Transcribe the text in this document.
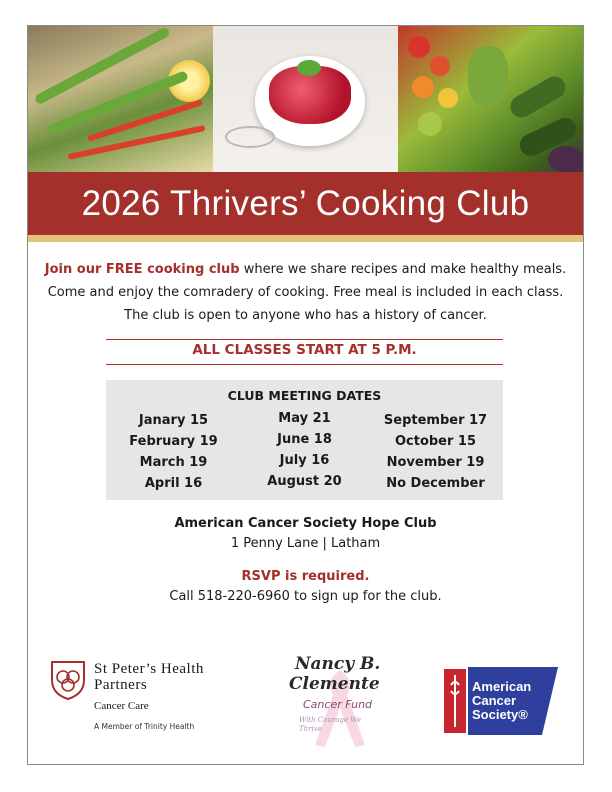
2026 Thrivers’ Cooking Club
Join our FREE cooking club where we share recipes and make healthy meals.
Come and enjoy the comradery of cooking. Free meal is included in each class.
The club is open to anyone who has a history of cancer.
ALL CLASSES START AT 5 P.M.
CLUB MEETING DATES
Janary 15
February 19
March 19
April 16
May 21
June 18
July 16
August 20
September 17
October 15
November 19
No December
American Cancer Society Hope Club
1 Penny Lane | Latham
RSVP is required.
Call 518-220-6960 to sign up for the club.
St Peter’s Health
Partners
Cancer Care
A Member of Trinity Health
Nancy B.
Clemente
Cancer Fund
With Courage We Thrive
American
Cancer
Society®
